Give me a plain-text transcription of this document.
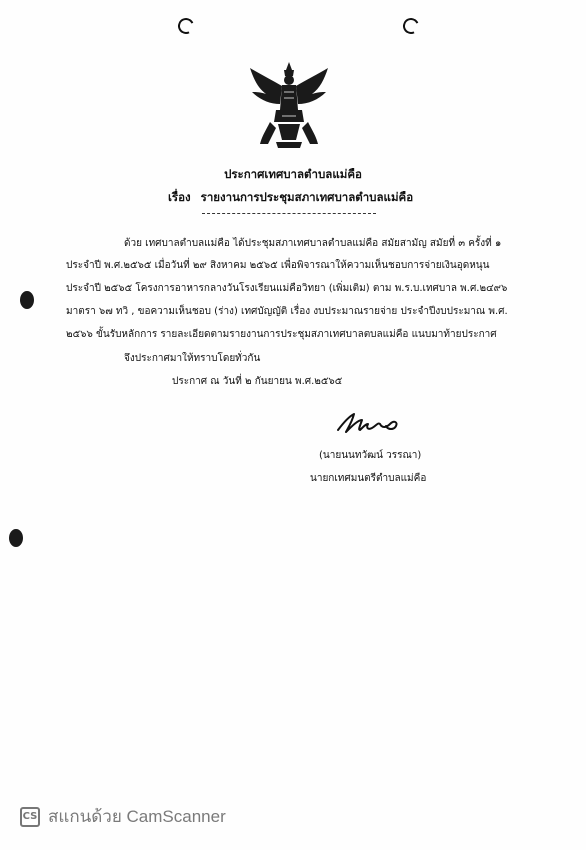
ประกาศเทศบาลตำบลแม่คือ
เรื่อง รายงานการประชุมสภาเทศบาลตำบลแม่คือ
ด้วย เทศบาลตำบลแม่คือ ได้ประชุมสภาเทศบาลตำบลแม่คือ สมัยสามัญ สมัยที่ ๓ ครั้งที่ ๑
ประจำปี พ.ศ.๒๕๖๕ เมื่อวันที่ ๒๙ สิงหาคม ๒๕๖๕ เพื่อพิจารณาให้ความเห็นชอบการจ่ายเงินอุดหนุน
ประจำปี ๒๕๖๕ โครงการอาหารกลางวันโรงเรียนแม่คือวิทยา (เพิ่มเติม) ตาม พ.ร.บ.เทศบาล พ.ศ.๒๔๙๖
มาตรา ๖๗ ทวิ , ขอความเห็นชอบ (ร่าง) เทศบัญญัติ เรื่อง งบประมาณรายจ่าย ประจำปีงบประมาณ พ.ศ.
๒๕๖๖ ขั้นรับหลักการ รายละเอียดตามรายงานการประชุมสภาเทศบาลตบลแม่คือ แนบมาท้ายประกาศ
จึงประกาศมาให้ทราบโดยทั่วกัน
ประกาศ ณ วันที่ ๒ กันยายน พ.ศ.๒๕๖๕
(นายนนทวัฒน์ วรรณา)
นายกเทศมนตรีตำบลแม่คือ
CS สแกนด้วย CamScanner
